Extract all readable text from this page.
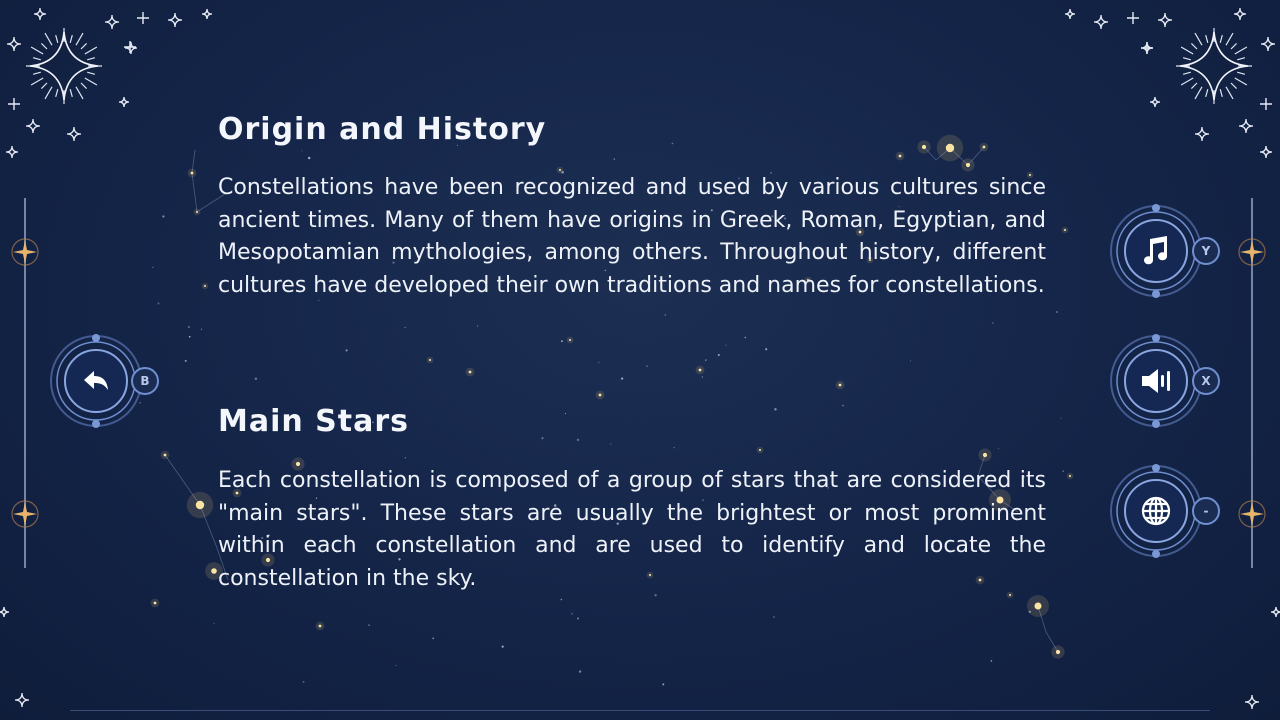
Origin and History

Constellations have been recognized and used by various cultures since ancient times. Many of them have origins in Greek, Roman, Egyptian, and Mesopotamian mythologies, among others. Throughout history, different cultures have developed their own traditions and names for constellations.

Main Stars

Each constellation is composed of a group of stars that are considered its "main stars". These stars are usually the brightest or most prominent within each constellation and are used to identify and locate the constellation in the sky.

B
Y
X
-
